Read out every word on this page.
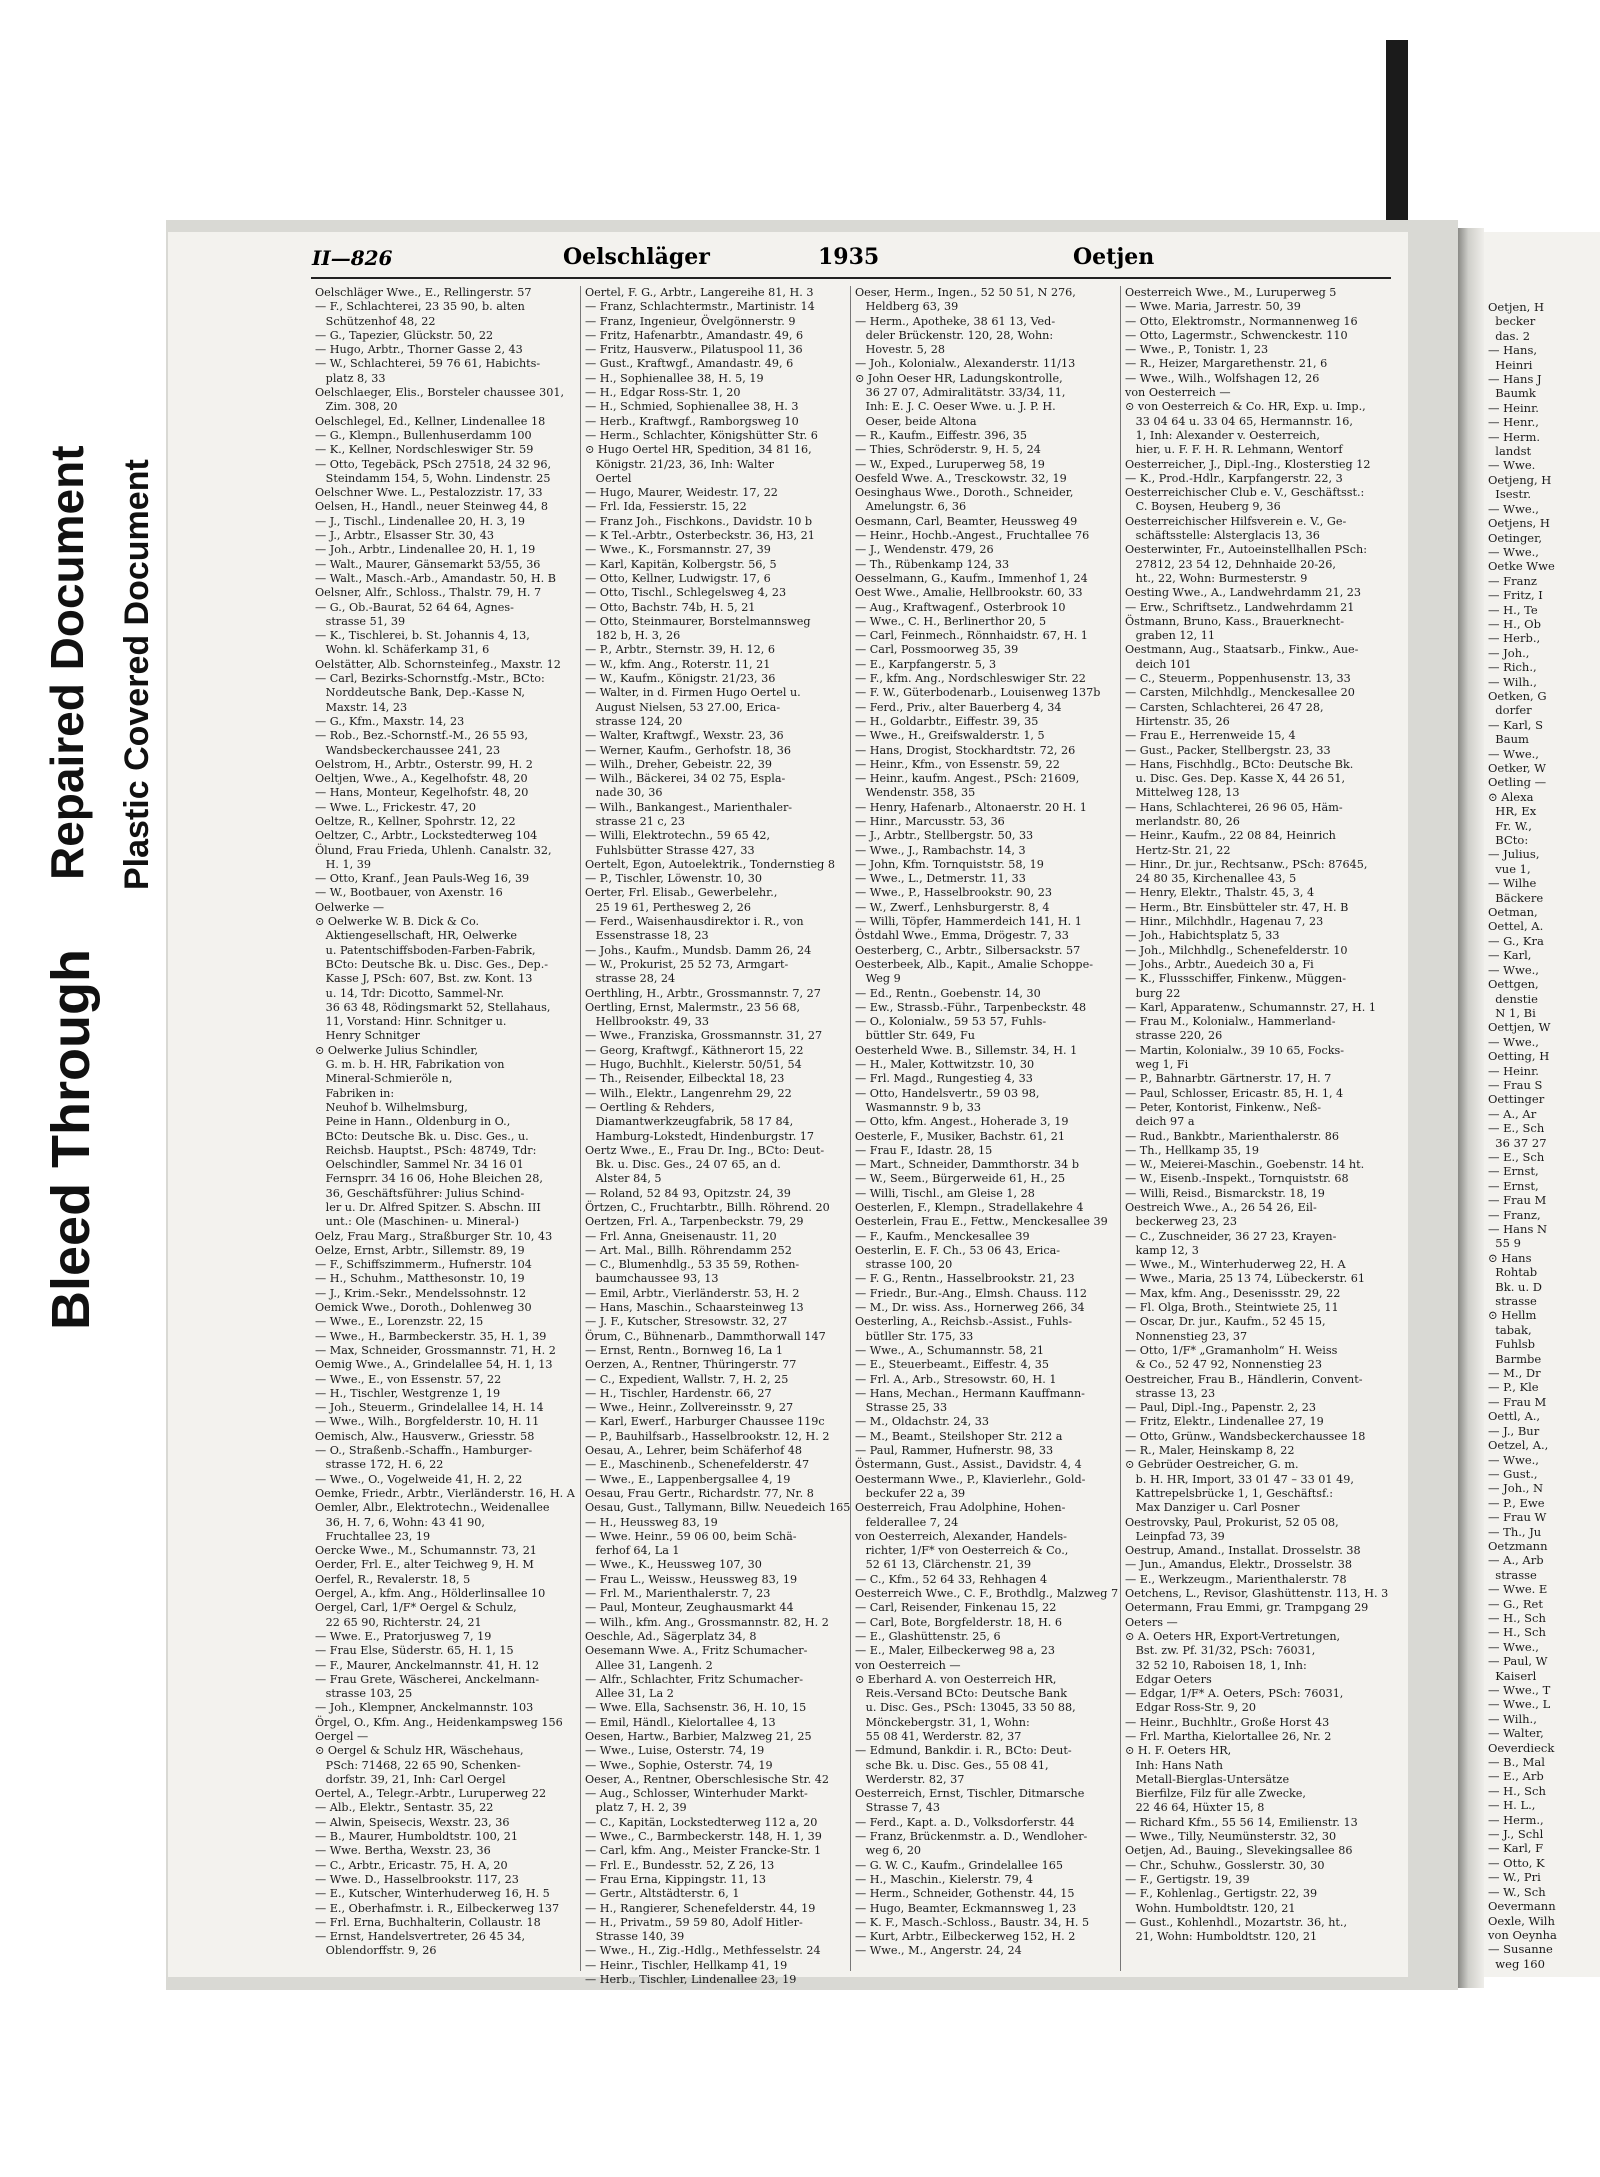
Bleed Through
Repaired Document Plastic Covered Document
II—826	Oelschläger	1935	Oetjen
Oelschläger Wwe., E., Rellingerstr. 57
— F., Schlachterei, 23 35 90, b. alten
Schützenhof 48, 22
— G., Tapezier, Glückstr. 50, 22
— Hugo, Arbtr., Thorner Gasse 2, 43
— W., Schlachterei, 59 76 61, Habichts-
platz 8, 33
Oelschlaeger, Elis., Borsteler chaussee 301,
Zim. 308, 20
Oelschlegel, Ed., Kellner, Lindenallee 18
— G., Klempn., Bullenhuserdamm 100
— K., Kellner, Nordschleswiger Str. 59
— Otto, Tegebäck, PSch 27518, 24 32 96,
Steindamm 154, 5, Wohn. Lindenstr. 25
Oelschner Wwe. L., Pestalozzistr. 17, 33
Oelsen, H., Handl., neuer Steinweg 44, 8
— J., Tischl., Lindenallee 20, H. 3, 19
— J., Arbtr., Elsasser Str. 30, 43
— Joh., Arbtr., Lindenallee 20, H. 1, 19
— Walt., Maurer, Gänsemarkt 53/55, 36
— Walt., Masch.-Arb., Amandastr. 50, H. B
Oelsner, Alfr., Schloss., Thalstr. 79, H. 7
— G., Ob.-Baurat, 52 64 64, Agnes-
strasse 51, 39
— K., Tischlerei, b. St. Johannis 4, 13,
Wohn. kl. Schäferkamp 31, 6
Oelstätter, Alb. Schornsteinfeg., Maxstr. 12
— Carl, Bezirks-Schornstfg.-Mstr., BCto:
Norddeutsche Bank, Dep.-Kasse N,
Maxstr. 14, 23
— G., Kfm., Maxstr. 14, 23
— Rob., Bez.-Schornstf.-M., 26 55 93,
Wandsbeckerchaussee 241, 23
Oelstrom, H., Arbtr., Osterstr. 99, H. 2
Oeltjen, Wwe., A., Kegelhofstr. 48, 20
— Hans, Monteur, Kegelhofstr. 48, 20
— Wwe. L., Frickestr. 47, 20
Oeltze, R., Kellner, Spohrstr. 12, 22
Oeltzer, C., Arbtr., Lockstedterweg 104
Ölund, Frau Frieda, Uhlenh. Canalstr. 32,
H. 1, 39
— Otto, Kranf., Jean Pauls-Weg 16, 39
— W., Bootbauer, von Axenstr. 16
Oelwerke —
⊙ Oelwerke W. B. Dick & Co.
Aktiengesellschaft, HR, Oelwerke
u. Patentschiffsboden-Farben-Fabrik,
BCto: Deutsche Bk. u. Disc. Ges., Dep.-
Kasse J, PSch: 607, Bst. zw. Kont. 13
u. 14, Tdr: Dicotto, Sammel-Nr.
36 63 48, Rödingsmarkt 52, Stellahaus,
11, Vorstand: Hinr. Schnitger u.
Henry Schnitger
⊙ Oelwerke Julius Schindler,
G. m. b. H. HR, Fabrikation von
Mineral-Schmieröle n,
Fabriken in:
Neuhof b. Wilhelmsburg,
Peine in Hann., Oldenburg in O.,
BCto: Deutsche Bk. u. Disc. Ges., u.
Reichsb. Hauptst., PSch: 48749, Tdr:
Oelschindler, Sammel Nr. 34 16 01
Fernsprr. 34 16 06, Hohe Bleichen 28,
36, Geschäftsführer: Julius Schind-
ler u. Dr. Alfred Spitzer. S. Abschn. III
unt.: Ole (Maschinen- u. Mineral-)
Oelz, Frau Marg., Straßburger Str. 10, 43
Oelze, Ernst, Arbtr., Sillemstr. 89, 19
— F., Schiffszimmerm., Hufnerstr. 104
— H., Schuhm., Matthesonstr. 10, 19
— J., Krim.-Sekr., Mendelssohnstr. 12
Oemick Wwe., Doroth., Dohlenweg 30
— Wwe., E., Lorenzstr. 22, 15
— Wwe., H., Barmbeckerstr. 35, H. 1, 39
— Max, Schneider, Grossmannstr. 71, H. 2
Oemig Wwe., A., Grindelallee 54, H. 1, 13
— Wwe., E., von Essenstr. 57, 22
— H., Tischler, Westgrenze 1, 19
— Joh., Steuerm., Grindelallee 14, H. 14
— Wwe., Wilh., Borgfelderstr. 10, H. 11
Oemisch, Alw., Hausverw., Griesstr. 58
— O., Straßenb.-Schaffn., Hamburger-
strasse 172, H. 6, 22
— Wwe., O., Vogelweide 41, H. 2, 22
Oemke, Friedr., Arbtr., Vierländerstr. 16, H. A
Oemler, Albr., Elektrotechn., Weidenallee
36, H. 7, 6, Wohn: 43 41 90,
Fruchtallee 23, 19
Oercke Wwe., M., Schumannstr. 73, 21
Oerder, Frl. E., alter Teichweg 9, H. M
Oerfel, R., Revalerstr. 18, 5
Oergel, A., kfm. Ang., Hölderlinsallee 10
Oergel, Carl, 1/F* Oergel & Schulz,
22 65 90, Richterstr. 24, 21
— Wwe. E., Pratorjusweg 7, 19
— Frau Else, Süderstr. 65, H. 1, 15
— F., Maurer, Anckelmannstr. 41, H. 12
— Frau Grete, Wäscherei, Anckelmann-
strasse 103, 25
— Joh., Klempner, Anckelmannstr. 103
Örgel, O., Kfm. Ang., Heidenkampsweg 156
Oergel —
⊙ Oergel & Schulz HR, Wäschehaus,
PSch: 71468, 22 65 90, Schenken-
dorfstr. 39, 21, Inh: Carl Oergel
Oertel, A., Telegr.-Arbtr., Luruperweg 22
— Alb., Elektr., Sentastr. 35, 22
— Alwin, Speisecis, Wexstr. 23, 36
— B., Maurer, Humboldtstr. 100, 21
— Wwe. Bertha, Wexstr. 23, 36
— C., Arbtr., Ericastr. 75, H. A, 20
— Wwe. D., Hasselbrookstr. 117, 23
— E., Kutscher, Winterhuderweg 16, H. 5
— E., Oberhafmstr. i. R., Eilbeckerweg 137
— Frl. Erna, Buchhalterin, Collaustr. 18
— Ernst, Handelsvertreter, 26 45 34,
Oblendorffstr. 9, 26
Oertel, F. G., Arbtr., Langereihe 81, H. 3
— Franz, Schlachtermstr., Martinistr. 14
— Franz, Ingenieur, Övelgönnerstr. 9
— Fritz, Hafenarbtr., Amandastr. 49, 6
— Fritz, Hausverw., Pilatuspool 11, 36
— Gust., Kraftwgf., Amandastr. 49, 6
— H., Sophienallee 38, H. 5, 19
— H., Edgar Ross-Str. 1, 20
— H., Schmied, Sophienallee 38, H. 3
— Herb., Kraftwgf., Ramborgsweg 10
— Herm., Schlachter, Königshütter Str. 6
⊙ Hugo Oertel HR, Spedition, 34 81 16,
Königstr. 21/23, 36, Inh: Walter
Oertel
— Hugo, Maurer, Weidestr. 17, 22
— Frl. Ida, Fessierstr. 15, 22
— Franz Joh., Fischkons., Davidstr. 10 b
— K Tel.-Arbtr., Osterbeckstr. 36, H3, 21
— Wwe., K., Forsmannstr. 27, 39
— Karl, Kapitän, Kolbergstr. 56, 5
— Otto, Kellner, Ludwigstr. 17, 6
— Otto, Tischl., Schlegelsweg 4, 23
— Otto, Bachstr. 74b, H. 5, 21
— Otto, Steinmaurer, Borstelmannsweg
182 b, H. 3, 26
— P., Arbtr., Sternstr. 39, H. 12, 6
— W., kfm. Ang., Roterstr. 11, 21
— W., Kaufm., Königstr. 21/23, 36
— Walter, in d. Firmen Hugo Oertel u.
August Nielsen, 53 27.00, Erica-
strasse 124, 20
— Walter, Kraftwgf., Wexstr. 23, 36
— Werner, Kaufm., Gerhofstr. 18, 36
— Wilh., Dreher, Gebeistr. 22, 39
— Wilh., Bäckerei, 34 02 75, Espla-
nade 30, 36
— Wilh., Bankangest., Marienthaler-
strasse 21 c, 23
— Willi, Elektrotechn., 59 65 42,
Fuhlsbütter Strasse 427, 33
Oertelt, Egon, Autoelektrik., Tondernstieg 8
— P., Tischler, Löwenstr. 10, 30
Oerter, Frl. Elisab., Gewerbelehr.,
25 19 61, Perthesweg 2, 26
— Ferd., Waisenhausdirektor i. R., von
Essenstrasse 18, 23
— Johs., Kaufm., Mundsb. Damm 26, 24
— W., Prokurist, 25 52 73, Armgart-
strasse 28, 24
Oerthling, H., Arbtr., Grossmannstr. 7, 27
Oertling, Ernst, Malermstr., 23 56 68,
Hellbrookstr. 49, 33
— Wwe., Franziska, Grossmannstr. 31, 27
— Georg, Kraftwgf., Käthnerort 15, 22
— Hugo, Buchhlt., Kielerstr. 50/51, 54
— Th., Reisender, Eilbecktal 18, 23
— Wilh., Elektr., Langenrehm 29, 22
— Oertling & Rehders,
Diamantwerkzeugfabrik, 58 17 84,
Hamburg-Lokstedt, Hindenburgstr. 17
Oertz Wwe., E., Frau Dr. Ing., BCto: Deut-
Bk. u. Disc. Ges., 24 07 65, an d.
Alster 84, 5
— Roland, 52 84 93, Opitzstr. 24, 39
Örtzen, C., Fruchtarbtr., Billh. Röhrend. 20
Oertzen, Frl. A., Tarpenbeckstr. 79, 29
— Frl. Anna, Gneisenaustr. 11, 20
— Art. Mal., Billh. Röhrendamm 252
— C., Blumenhdlg., 53 35 59, Rothen-
baumchaussee 93, 13
— Emil, Arbtr., Vierländerstr. 53, H. 2
— Hans, Maschin., Schaarsteinweg 13
— J. F., Kutscher, Stresowstr. 32, 27
Örum, C., Bühnenarb., Dammthorwall 147
— Ernst, Rentn., Bornweg 16, La 1
Oerzen, A., Rentner, Thüringerstr. 77
— C., Expedient, Wallstr. 7, H. 2, 25
— H., Tischler, Hardenstr. 66, 27
— Wwe., Heinr., Zollvereinsstr. 9, 27
— Karl, Ewerf., Harburger Chaussee 119c
— P., Bauhilfsarb., Hasselbrookstr. 12, H. 2
Oesau, A., Lehrer, beim Schäferhof 48
— E., Maschinenb., Schenefelderstr. 47
— Wwe., E., Lappenbergsallee 4, 19
Oesau, Frau Gertr., Richardstr. 77, Nr. 8
Oesau, Gust., Tallymann, Billw. Neuedeich 165
— H., Heussweg 83, 19
— Wwe. Heinr., 59 06 00, beim Schä-
ferhof 64, La 1
— Wwe., K., Heussweg 107, 30
— Frau L., Weissw., Heussweg 83, 19
— Frl. M., Marienthalerstr. 7, 23
— Paul, Monteur, Zeughausmarkt 44
— Wilh., kfm. Ang., Grossmannstr. 82, H. 2
Oeschle, Ad., Sägerplatz 34, 8
Oesemann Wwe. A., Fritz Schumacher-
Allee 31, Langenh. 2
— Alfr., Schlachter, Fritz Schumacher-
Allee 31, La 2
— Wwe. Ella, Sachsenstr. 36, H. 10, 15
— Emil, Händl., Kielortallee 4, 13
Oesen, Hartw., Barbier, Malzweg 21, 25
— Wwe., Luise, Osterstr. 74, 19
— Wwe., Sophie, Osterstr. 74, 19
Oeser, A., Rentner, Oberschlesische Str. 42
— Aug., Schlosser, Winterhuder Markt-
platz 7, H. 2, 39
— C., Kapitän, Lockstedterweg 112 a, 20
— Wwe., C., Barmbeckerstr. 148, H. 1, 39
— Carl, kfm. Ang., Meister Francke-Str. 1
— Frl. E., Bundesstr. 52, Z 26, 13
— Frau Erna, Kippingstr. 11, 13
— Gertr., Altstädterstr. 6, 1
— H., Rangierer, Schenefelderstr. 44, 19
— H., Privatm., 59 59 80, Adolf Hitler-
Strasse 140, 39
— Wwe., H., Zig.-Hdlg., Methfesselstr. 24
— Heinr., Tischler, Hellkamp 41, 19
— Herb., Tischler, Lindenallee 23, 19
Oeser, Herm., Ingen., 52 50 51, N 276,
Heldberg 63, 39
— Herm., Apotheke, 38 61 13, Ved-
deler Brückenstr. 120, 28, Wohn:
Hovestr. 5, 28
— Joh., Kolonialw., Alexanderstr. 11/13
⊙ John Oeser HR, Ladungskontrolle,
36 27 07, Admiralitätstr. 33/34, 11,
Inh: E. J. C. Oeser Wwe. u. J. P. H.
Oeser, beide Altona
— R., Kaufm., Eiffestr. 396, 35
— Thies, Schröderstr. 9, H. 5, 24
— W., Exped., Luruperweg 58, 19
Oesfeld Wwe. A., Tresckowstr. 32, 19
Oesinghaus Wwe., Doroth., Schneider,
Amelungstr. 6, 36
Oesmann, Carl, Beamter, Heussweg 49
— Heinr., Hochb.-Angest., Fruchtallee 76
— J., Wendenstr. 479, 26
— Th., Rübenkamp 124, 33
Oesselmann, G., Kaufm., Immenhof 1, 24
Oest Wwe., Amalie, Hellbrookstr. 60, 33
— Aug., Kraftwagenf., Osterbrook 10
— Wwe., C. H., Berlinerthor 20, 5
— Carl, Feinmech., Rönnhaidstr. 67, H. 1
— Carl, Possmoorweg 35, 39
— E., Karpfangerstr. 5, 3
— F., kfm. Ang., Nordschleswiger Str. 22
— F. W., Güterbodenarb., Louisenweg 137b
— Ferd., Priv., alter Bauerberg 4, 34
— H., Goldarbtr., Eiffestr. 39, 35
— Wwe., H., Greifswalderstr. 1, 5
— Hans, Drogist, Stockhardtstr. 72, 26
— Heinr., Kfm., von Essenstr. 59, 22
— Heinr., kaufm. Angest., PSch: 21609,
Wendenstr. 358, 35
— Henry, Hafenarb., Altonaerstr. 20 H. 1
— Hinr., Marcusstr. 53, 36
— J., Arbtr., Stellbergstr. 50, 33
— Wwe., J., Rambachstr. 14, 3
— John, Kfm. Tornquiststr. 58, 19
— Wwe., L., Detmerstr. 11, 33
— Wwe., P., Hasselbrookstr. 90, 23
— W., Zwerf., Lenhsburgerstr. 8, 4
— Willi, Töpfer, Hammerdeich 141, H. 1
Östdahl Wwe., Emma, Drögestr. 7, 33
Oesterberg, C., Arbtr., Silbersackstr. 57
Oesterbeek, Alb., Kapit., Amalie Schoppe-
Weg 9
— Ed., Rentn., Goebenstr. 14, 30
— Ew., Strassb.-Führ., Tarpenbeckstr. 48
— O., Kolonialw., 59 53 57, Fuhls-
büttler Str. 649, Fu
Oesterheld Wwe. B., Sillemstr. 34, H. 1
— H., Maler, Kottwitzstr. 10, 30
— Frl. Magd., Rungestieg 4, 33
— Otto, Handelsvertr., 59 03 98,
Wasmannstr. 9 b, 33
— Otto, kfm. Angest., Hoherade 3, 19
Oesterle, F., Musiker, Bachstr. 61, 21
— Frau F., Idastr. 28, 15
— Mart., Schneider, Dammthorstr. 34 b
— W., Seem., Bürgerweide 61, H., 25
— Willi, Tischl., am Gleise 1, 28
Oesterlen, F., Klempn., Stradellakehre 4
Oesterlein, Frau E., Fettw., Menckesallee 39
— F., Kaufm., Menckesallee 39
Oesterlin, E. F. Ch., 53 06 43, Erica-
strasse 100, 20
— F. G., Rentn., Hasselbrookstr. 21, 23
— Friedr., Bur.-Ang., Elmsh. Chauss. 112
— M., Dr. wiss. Ass., Hornerweg 266, 34
Oesterling, A., Reichsb.-Assist., Fuhls-
bütller Str. 175, 33
— Wwe., A., Schumannstr. 58, 21
— E., Steuerbeamt., Eiffestr. 4, 35
— Frl. A., Arb., Stresowstr. 60, H. 1
— Hans, Mechan., Hermann Kauffmann-
Strasse 25, 33
— M., Oldachstr. 24, 33
— M., Beamt., Steilshoper Str. 212 a
— Paul, Rammer, Hufnerstr. 98, 33
Östermann, Gust., Assist., Davidstr. 4, 4
Oestermann Wwe., P., Klavierlehr., Gold-
beckufer 22 a, 39
Oesterreich, Frau Adolphine, Hohen-
felderallee 7, 24
von Oesterreich, Alexander, Handels-
richter, 1/F* von Oesterreich & Co.,
52 61 13, Clärchenstr. 21, 39
— C., Kfm., 52 64 33, Rehhagen 4
Oesterreich Wwe., C. F., Brothdlg., Malzweg 7
— Carl, Reisender, Finkenau 15, 22
— Carl, Bote, Borgfelderstr. 18, H. 6
— E., Glashüttenstr. 25, 6
— E., Maler, Eilbeckerweg 98 a, 23
von Oesterreich —
⊙ Eberhard A. von Oesterreich HR,
Reis.-Versand BCto: Deutsche Bank
u. Disc. Ges., PSch: 13045, 33 50 88,
Mönckebergstr. 31, 1, Wohn:
55 08 41, Werderstr. 82, 37
— Edmund, Bankdir. i. R., BCto: Deut-
sche Bk. u. Disc. Ges., 55 08 41,
Werderstr. 82, 37
Oesterreich, Ernst, Tischler, Ditmarsche
Strasse 7, 43
— Ferd., Kapt. a. D., Volksdorferstr. 44
— Franz, Brückenmstr. a. D., Wendloher-
weg 6, 20
— G. W. C., Kaufm., Grindelallee 165
— H., Maschin., Kielerstr. 79, 4
— Herm., Schneider, Gothenstr. 44, 15
— Hugo, Beamter, Eckmannsweg 1, 23
— K. F., Masch.-Schloss., Baustr. 34, H. 5
— Kurt, Arbtr., Eilbeckerweg 152, H. 2
— Wwe., M., Angerstr. 24, 24
Oesterreich Wwe., M., Luruperweg 5
— Wwe. Maria, Jarrestr. 50, 39
— Otto, Elektromstr., Normannenweg 16
— Otto, Lagermstr., Schwenckestr. 110
— Wwe., P., Tonistr. 1, 23
— R., Heizer, Margarethenstr. 21, 6
— Wwe., Wilh., Wolfshagen 12, 26
von Oesterreich —
⊙ von Oesterreich & Co. HR, Exp. u. Imp.,
33 04 64 u. 33 04 65, Hermannstr. 16,
1, Inh: Alexander v. Oesterreich,
hier, u. F. F. H. R. Lehmann, Wentorf
Oesterreicher, J., Dipl.-Ing., Klosterstieg 12
— K., Prod.-Hdlr., Karpfangerstr. 22, 3
Oesterreichischer Club e. V., Geschäftsst.:
C. Boysen, Heuberg 9, 36
Oesterreichischer Hilfsverein e. V., Ge-
schäftsstelle: Alsterglacis 13, 36
Oesterwinter, Fr., Autoeinstellhallen PSch:
27812, 23 54 12, Dehnhaide 20-26,
ht., 22, Wohn: Burmesterstr. 9
Oesting Wwe., A., Landwehrdamm 21, 23
— Erw., Schriftsetz., Landwehrdamm 21
Östmann, Bruno, Kass., Brauerknecht-
graben 12, 11
Oestmann, Aug., Staatsarb., Finkw., Aue-
deich 101
— C., Steuerm., Poppenhusenstr. 13, 33
— Carsten, Milchhdlg., Menckesallee 20
— Carsten, Schlachterei, 26 47 28,
Hirtenstr. 35, 26
— Frau E., Herrenweide 15, 4
— Gust., Packer, Stellbergstr. 23, 33
— Hans, Fischhdlg., BCto: Deutsche Bk.
u. Disc. Ges. Dep. Kasse X, 44 26 51,
Mittelweg 128, 13
— Hans, Schlachterei, 26 96 05, Häm-
merlandstr. 80, 26
— Heinr., Kaufm., 22 08 84, Heinrich
Hertz-Str. 21, 22
— Hinr., Dr. jur., Rechtsanw., PSch: 87645,
24 80 35, Kirchenallee 43, 5
— Henry, Elektr., Thalstr. 45, 3, 4
— Herm., Btr. Einsbütteler str. 47, H. B
— Hinr., Milchhdlr., Hagenau 7, 23
— Joh., Habichtsplatz 5, 33
— Joh., Milchhdlg., Schenefelderstr. 10
— Johs., Arbtr., Auedeich 30 a, Fi
— K., Flussschiffer, Finkenw., Müggen-
burg 22
— Karl, Apparatenw., Schumannstr. 27, H. 1
— Frau M., Kolonialw., Hammerland-
strasse 220, 26
— Martin, Kolonialw., 39 10 65, Focks-
weg 1, Fi
— P., Bahnarbtr. Gärtnerstr. 17, H. 7
— Paul, Schlosser, Ericastr. 85, H. 1, 4
— Peter, Kontorist, Finkenw., Neß-
deich 97 a
— Rud., Bankbtr., Marienthalerstr. 86
— Th., Hellkamp 35, 19
— W., Meierei-Maschin., Goebenstr. 14 ht.
— W., Eisenb.-Inspekt., Tornquiststr. 68
— Willi, Reisd., Bismarckstr. 18, 19
Oestreich Wwe., A., 26 54 26, Eil-
beckerweg 23, 23
— C., Zuschneider, 36 27 23, Krayen-
kamp 12, 3
— Wwe., M., Winterhuderweg 22, H. A
— Wwe., Maria, 25 13 74, Lübeckerstr. 61
— Max, kfm. Ang., Desenissstr. 29, 22
— Fl. Olga, Broth., Steintwiete 25, 11
— Oscar, Dr. jur., Kaufm., 52 45 15,
Nonnenstieg 23, 37
— Otto, 1/F* „Gramanholm“ H. Weiss
& Co., 52 47 92, Nonnenstieg 23
Oestreicher, Frau B., Händlerin, Convent-
strasse 13, 23
— Paul, Dipl.-Ing., Papenstr. 2, 23
— Fritz, Elektr., Lindenallee 27, 19
— Otto, Grünw., Wandsbeckerchaussee 18
— R., Maler, Heinskamp 8, 22
⊙ Gebrüder Oestreicher, G. m.
b. H. HR, Import, 33 01 47 – 33 01 49,
Kattrepelsbrücke 1, 1, Geschäftsf.:
Max Danziger u. Carl Posner
Oestrovsky, Paul, Prokurist, 52 05 08,
Leinpfad 73, 39
Oestrup, Amand., Installat. Drosselstr. 38
— Jun., Amandus, Elektr., Drosselstr. 38
— E., Werkzeugm., Marienthalerstr. 78
Oetchens, L., Revisor, Glashüttenstr. 113, H. 3
Oetermann, Frau Emmi, gr. Trampgang 29
Oeters —
⊙ A. Oeters HR, Export-Vertretungen,
Bst. zw. Pf. 31/32, PSch: 76031,
32 52 10, Raboisen 18, 1, Inh:
Edgar Oeters
— Edgar, 1/F* A. Oeters, PSch: 76031,
Edgar Ross-Str. 9, 20
— Heinr., Buchhltr., Große Horst 43
— Frl. Martha, Kielortallee 26, Nr. 2
⊙ H. F. Oeters HR,
Inh: Hans Nath
Metall-Bierglas-Untersätze
Bierfilze, Filz für alle Zwecke,
22 46 64, Hüxter 15, 8
— Richard Kfm., 55 56 14, Emilienstr. 13
— Wwe., Tilly, Neumünsterstr. 32, 30
Oetjen, Ad., Bauing., Slevekingsallee 86
— Chr., Schuhw., Gosslerstr. 30, 30
— F., Gertigstr. 19, 39
— F., Kohlenlag., Gertigstr. 22, 39
Wohn. Humboldtstr. 120, 21
— Gust., Kohlenhdl., Mozartstr. 36, ht.,
21, Wohn: Humboldtstr. 120, 21
Oetjen, H
becker
das. 2
— Hans,
Heinri
— Hans J
Baumk
— Heinr.
— Henr.,
— Herm.
landst
— Wwe.
Oetjeng, H
Isestr.
— Wwe.,
Oetjens, H
Oetinger,
— Wwe.,
Oetke Wwe
— Franz
— Fritz, I
— H., Te
— H., Ob
— Herb.,
— Joh.,
— Rich.,
— Wilh.,
Oetken, G
dorfer
— Karl, S
Baum
— Wwe.,
Oetker, W
Oetling —
⊙ Alexa
HR, Ex
Fr. W.,
BCto:
— Julius,
vue 1,
— Wilhe
Bäckere
Oetman,
Oettel, A.
— G., Kra
— Karl,
— Wwe.,
Oettgen,
denstie
N 1, Bi
Oettjen, W
— Wwe.,
Oetting, H
— Heinr.
— Frau S
Oettinger
— A., Ar
— E., Sch
36 37 27
— E., Sch
— Ernst,
— Ernst,
— Frau M
— Franz,
— Hans N
55 9
⊙ Hans
Rohtab
Bk. u. D
strasse
⊙ Hellm
tabak,
Fuhlsb
Barmbe
— M., Dr
— P., Kle
— Frau M
Oettl, A.,
— J., Bur
Oetzel, A.,
— Wwe.,
— Gust.,
— Joh., N
— P., Ewe
— Frau W
— Th., Ju
Oetzmann
— A., Arb
strasse
— Wwe. E
— G., Ret
— H., Sch
— H., Sch
— Wwe.,
— Paul, W
Kaiserl
— Wwe., T
— Wwe., L
— Wilh.,
— Walter,
Oeverdieck
— B., Mal
— E., Arb
— H., Sch
— H. L.,
— Herm.,
— J., Schl
— Karl, F
— Otto, K
— W., Pri
— W., Sch
Oevermann
Oexle, Wilh
von Oeynha
— Susanne
weg 160
